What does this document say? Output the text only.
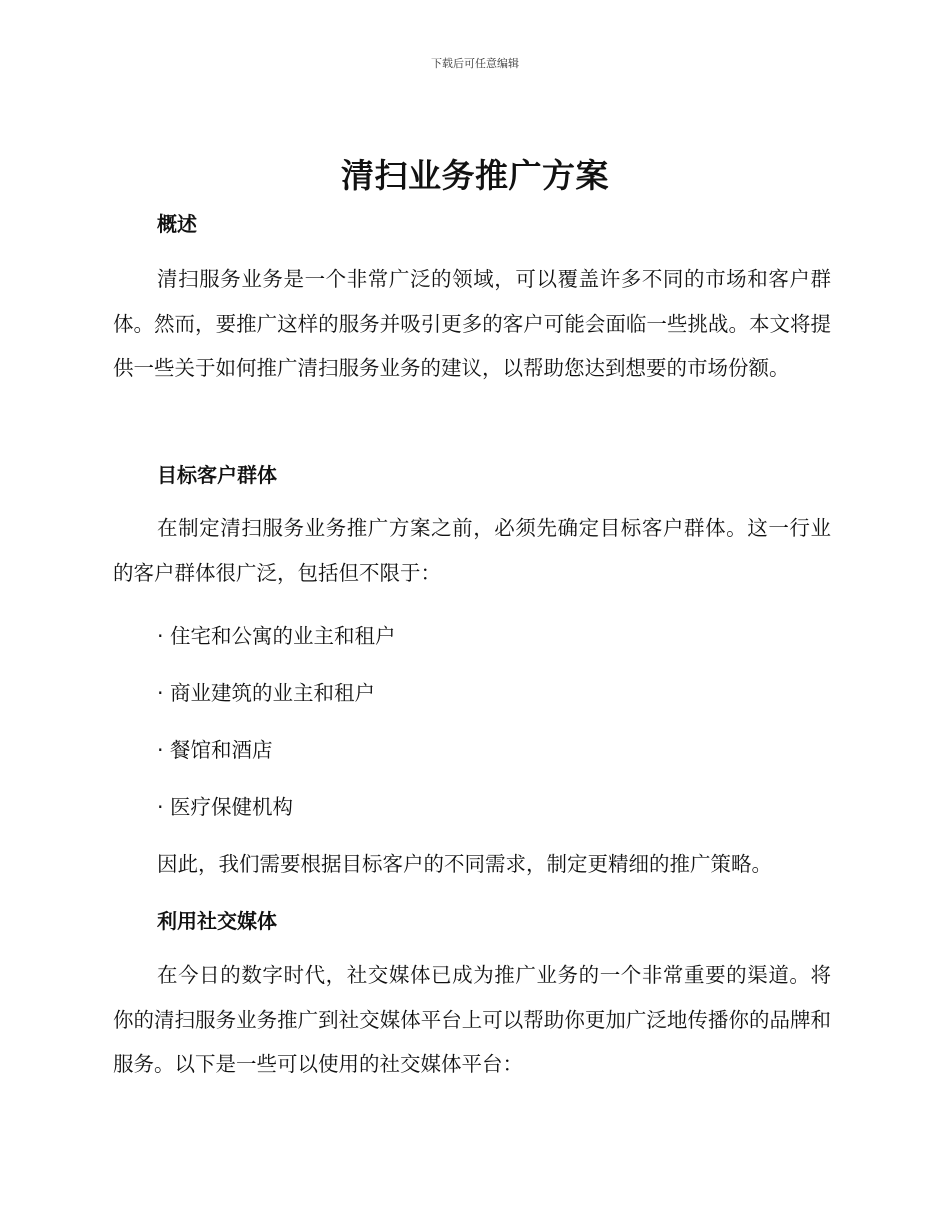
下载后可任意编辑
清扫业务推广方案
概述
清扫服务业务是一个非常广泛的领域，可以覆盖许多不同的市场和客户群体。然而，要推广这样的服务并吸引更多的客户可能会面临一些挑战。本文将提供一些关于如何推广清扫服务业务的建议，以帮助您达到想要的市场份额。
目标客户群体
在制定清扫服务业务推广方案之前，必须先确定目标客户群体。这一行业的客户群体很广泛，包括但不限于：
· 住宅和公寓的业主和租户
· 商业建筑的业主和租户
· 餐馆和酒店
· 医疗保健机构
因此，我们需要根据目标客户的不同需求，制定更精细的推广策略。
利用社交媒体
在今日的数字时代，社交媒体已成为推广业务的一个非常重要的渠道。将你的清扫服务业务推广到社交媒体平台上可以帮助你更加广泛地传播你的品牌和服务。以下是一些可以使用的社交媒体平台：
